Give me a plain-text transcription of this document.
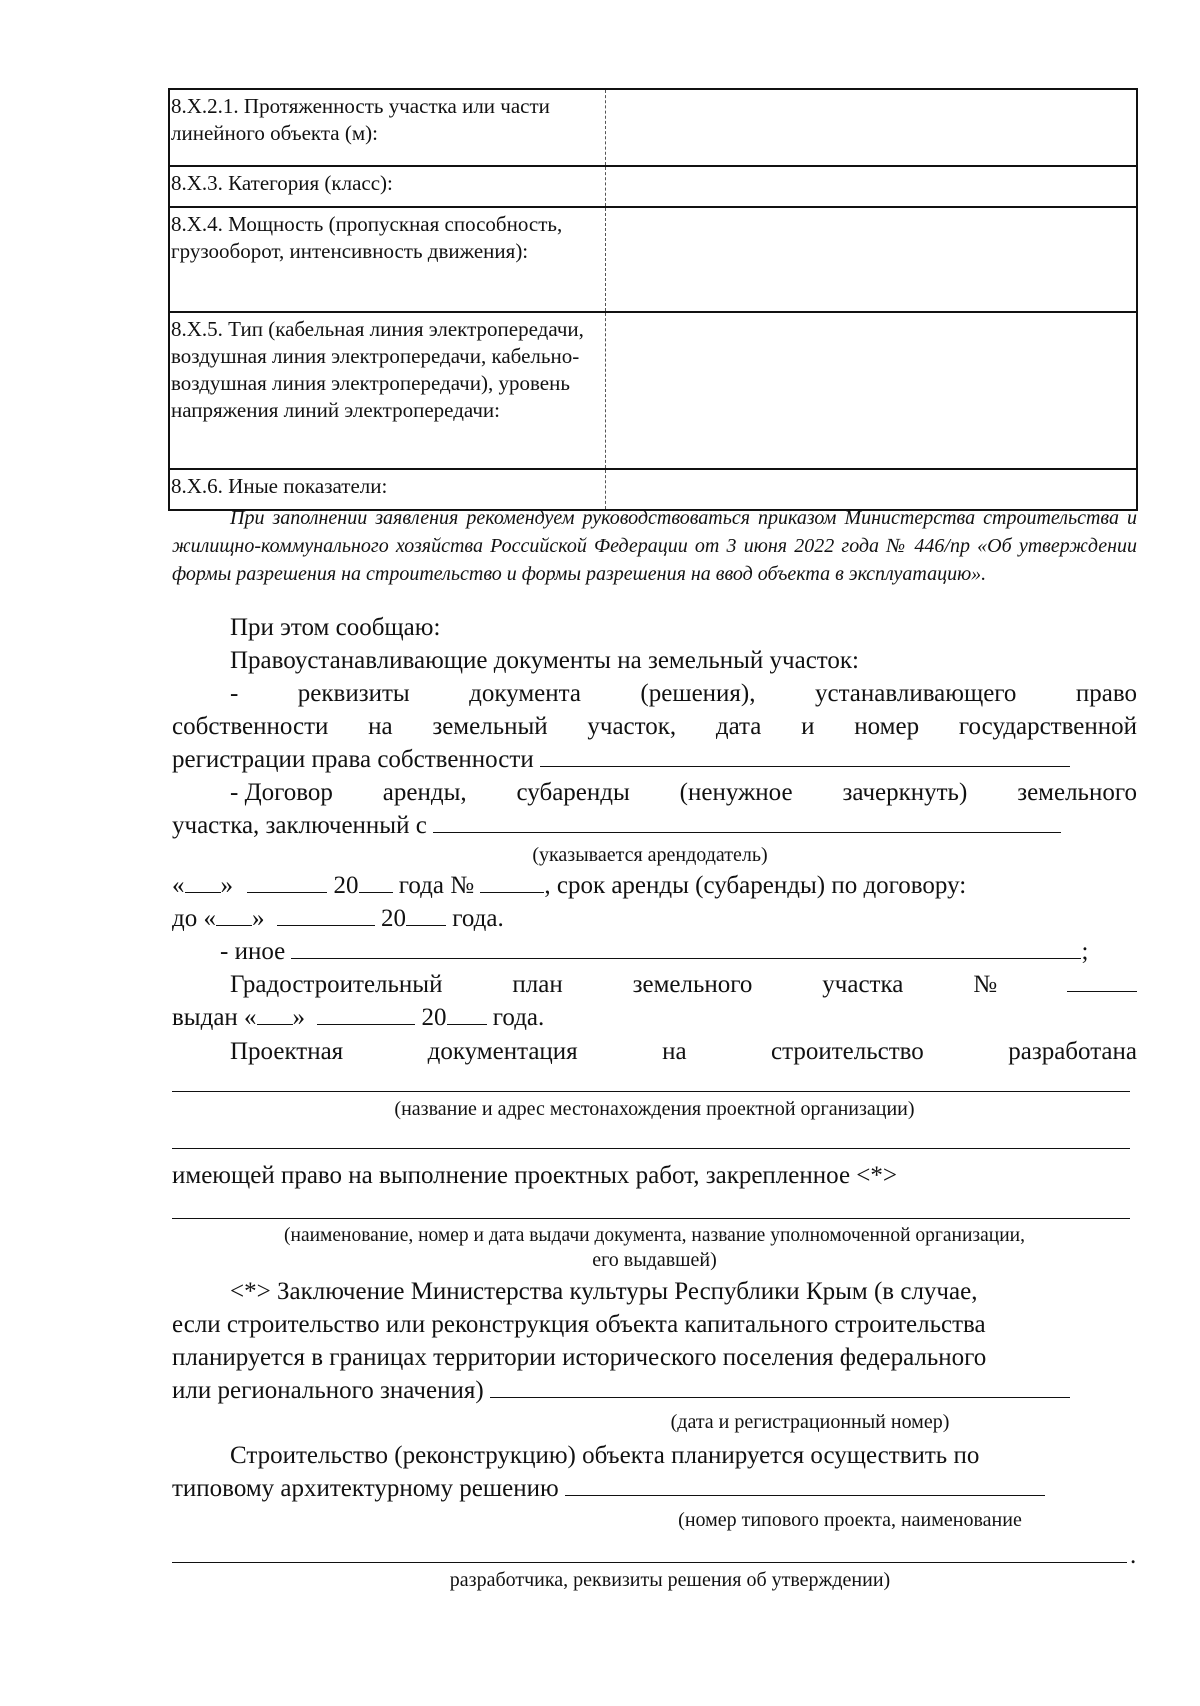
8.X.2.1. Протяженность участка или части линейного объекта (м):	
8.X.3. Категория (класс):	
8.X.4. Мощность (пропускная способность, грузооборот, интенсивность движения):	
8.X.5. Тип (кабельная линия электропередачи, воздушная линия электропередачи, кабельно-воздушная линия электропередачи), уровень напряжения линий электропередачи:	
8.X.6. Иные показатели:	
При заполнении заявления рекомендуем руководствоваться приказом Министерства строительства и жилищно-коммунального хозяйства Российской Федерации от 3 июня 2022 года № 446/пр «Об утверждении формы разрешения на строительство и формы разрешения на ввод объекта в эксплуатацию».
При этом сообщаю:
Правоустанавливающие документы на земельный участок:
- реквизиты документа (решения), устанавливающего право
собственности на земельный участок, дата и номер государственной
регистрации права собственности
- Договор аренды, субаренды (ненужное зачеркнуть) земельного
участка, заключенный с
(указывается арендодатель)
« »	20 года №	, срок аренды (субаренды) по договору:
до « »	20 года.
- иное	;
Градостроительный	план	земельного	участка	№
выдан « »	20 года.
Проектная	документация	на	строительство	разработана
(название и адрес местонахождения проектной организации)
имеющей право на выполнение проектных работ, закрепленное <*>
(наименование, номер и дата выдачи документа, название уполномоченной организации,
его выдавшей)
<*> Заключение Министерства культуры Республики Крым (в случае,
если строительство или реконструкция объекта капитального строительства
планируется в границах территории исторического поселения федерального
или регионального значения)
(дата и регистрационный номер)
Строительство (реконструкцию) объекта планируется осуществить по
типовому архитектурному решению
(номер типового проекта, наименование
.
разработчика, реквизиты решения об утверждении)
